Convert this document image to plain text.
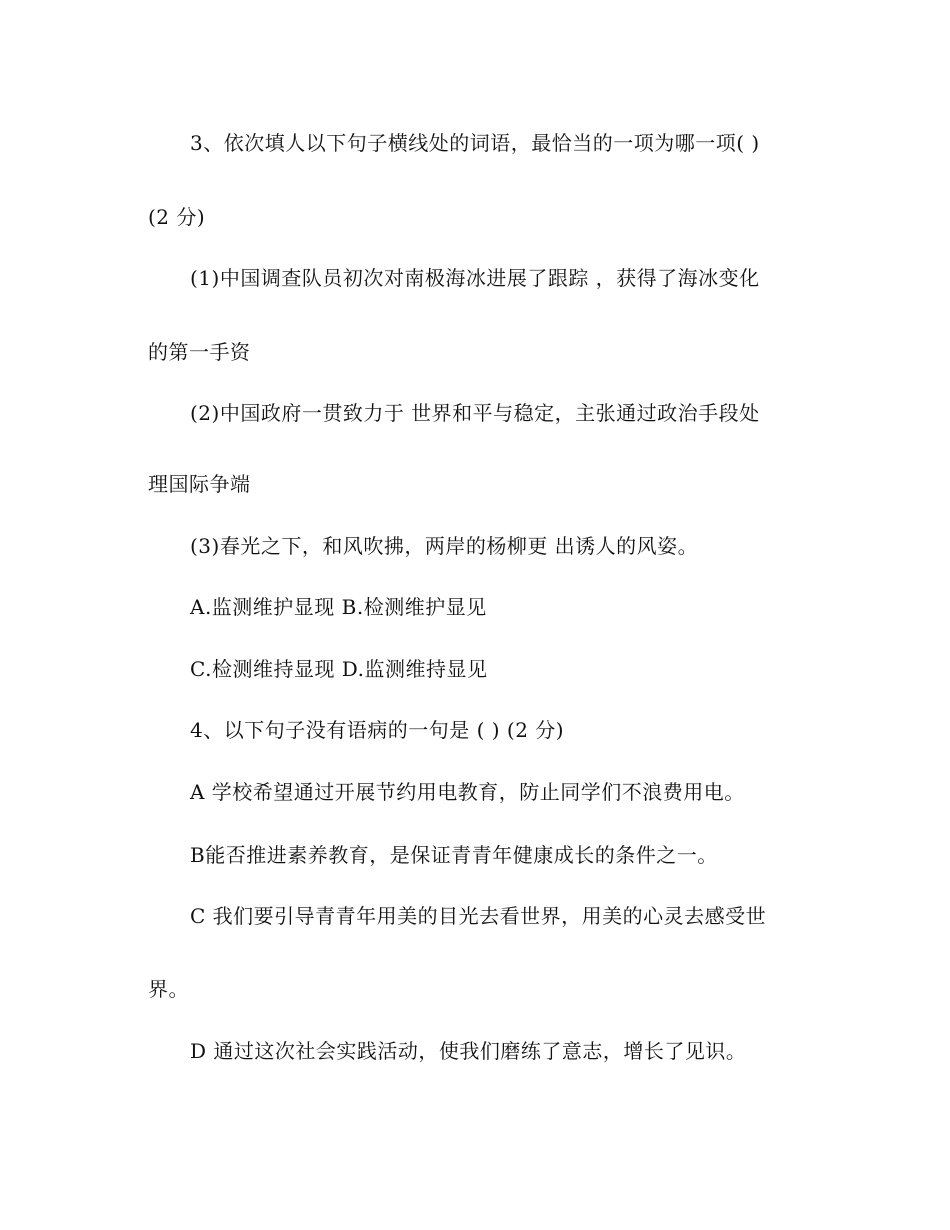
3、依次填人以下句子横线处的词语，最恰当的一项为哪一项( )
(2 分)
(1)中国调查队员初次对南极海冰进展了跟踪 ，获得了海冰变化
的第一手资
(2)中国政府一贯致力于 世界和平与稳定，主张通过政治手段处
理国际争端
(3)春光之下，和风吹拂，两岸的杨柳更 出诱人的风姿。
A.监测维护显现 B.检测维护显见
C.检测维持显现 D.监测维持显见
4、以下句子没有语病的一句是 ( ) (2 分)
A 学校希望通过开展节约用电教育，防止同学们不浪费用电。
B能否推进素养教育，是保证青青年健康成长的条件之一。
C 我们要引导青青年用美的目光去看世界，用美的心灵去感受世
界。
D 通过这次社会实践活动，使我们磨练了意志，增长了见识。
